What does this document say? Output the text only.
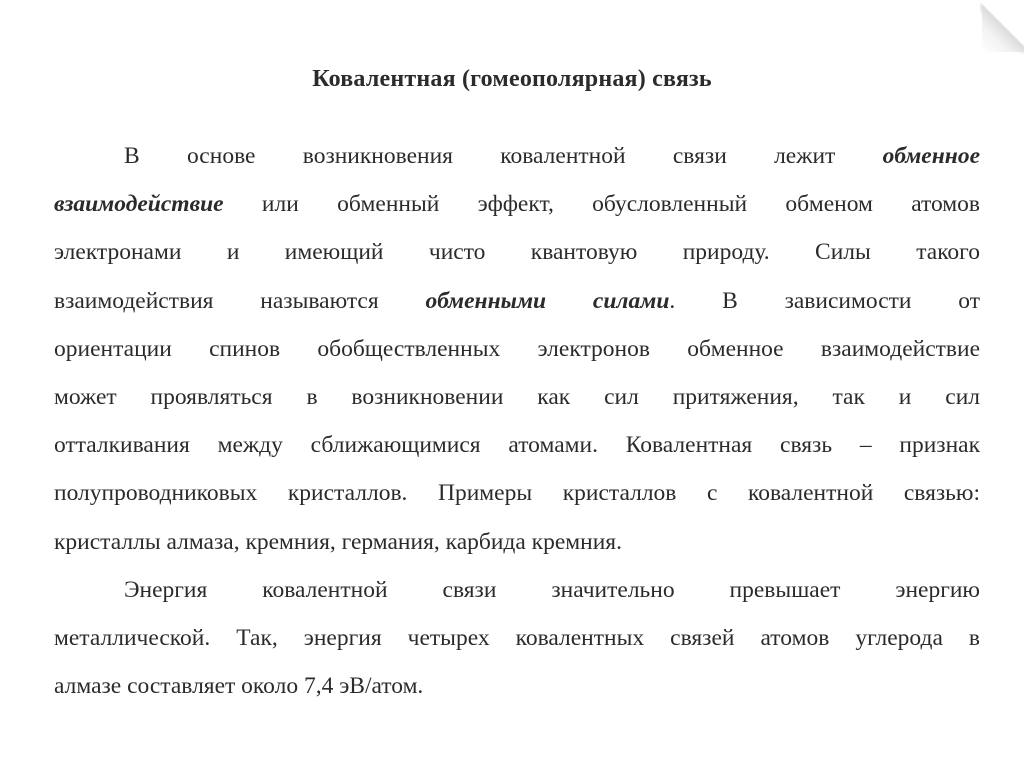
Ковалентная (гомеополярная) связь
В основе возникновения ковалентной связи лежит обменное
взаимодействие или обменный эффект, обусловленный обменом атомов
электронами и имеющий чисто квантовую природу. Силы такого
взаимодействия называются обменными силами. В зависимости от
ориентации спинов обобществленных электронов обменное взаимодействие
может проявляться в возникновении как сил притяжения, так и сил
отталкивания между сближающимися атомами. Ковалентная связь – признак
полупроводниковых кристаллов. Примеры кристаллов с ковалентной связью:
кристаллы алмаза, кремния, германия, карбида кремния.
Энергия ковалентной связи значительно превышает энергию
металлической. Так, энергия четырех ковалентных связей атомов углерода в
алмазе составляет около 7,4 эВ/атом.
